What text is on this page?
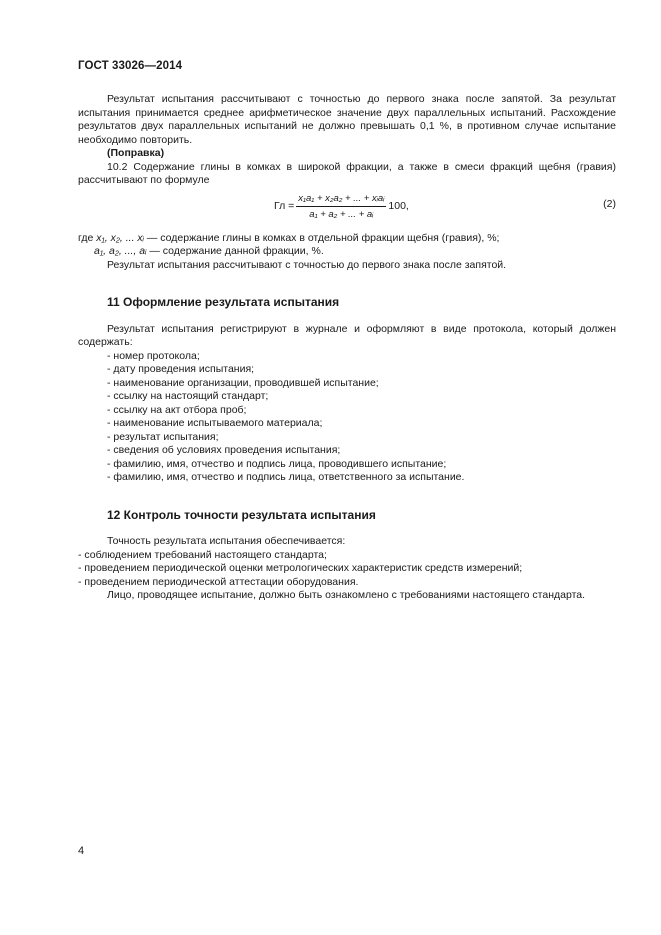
ГОСТ 33026—2014

Результат испытания рассчитывают с точностью до первого знака после запятой. За результат испытания принимается среднее арифметическое значение двух параллельных испытаний. Расхождение результатов двух параллельных испытаний не должно превышать 0,1 %, в противном случае испытание необходимо повторить.

(Поправка)

10.2 Содержание глины в комках в широкой фракции, а также в смеси фракций щебня (гравия) рассчитывают по формуле

Гл = $\frac{\text{x₁a₁ + x₂a₂ + ... + xᵢaᵢ}}{\text{a₁ + a₂ + ... + aᵢ}} 100$,	(2)

где x₁, x₂, ... xᵢ — содержание глины в комках в отдельной фракции щебня (гравия), %;

a₁, a₂, ..., aᵢ — содержание данной фракции, %.

Результат испытания рассчитывают с точностью до первого знака после запятой.

11 Оформление результата испытания

Результат испытания регистрируют в журнале и оформляют в виде протокола, который должен содержать:

- номер протокола;

- дату проведения испытания;

- наименование организации, проводившей испытание;

- ссылку на настоящий стандарт;

- ссылку на акт отбора проб;

- наименование испытываемого материала;

- результат испытания;

- сведения об условиях проведения испытания;

- фамилию, имя, отчество и подпись лица, проводившего испытание;

- фамилию, имя, отчество и подпись лица, ответственного за испытание.

12 Контроль точности результата испытания

Точность результата испытания обеспечивается:

- соблюдением требований настоящего стандарта;

- проведением периодической оценки метрологических характеристик средств измерений;

- проведением периодической аттестации оборудования.

Лицо, проводящее испытание, должно быть ознакомлено с требованиями настоящего стандарта.

4
